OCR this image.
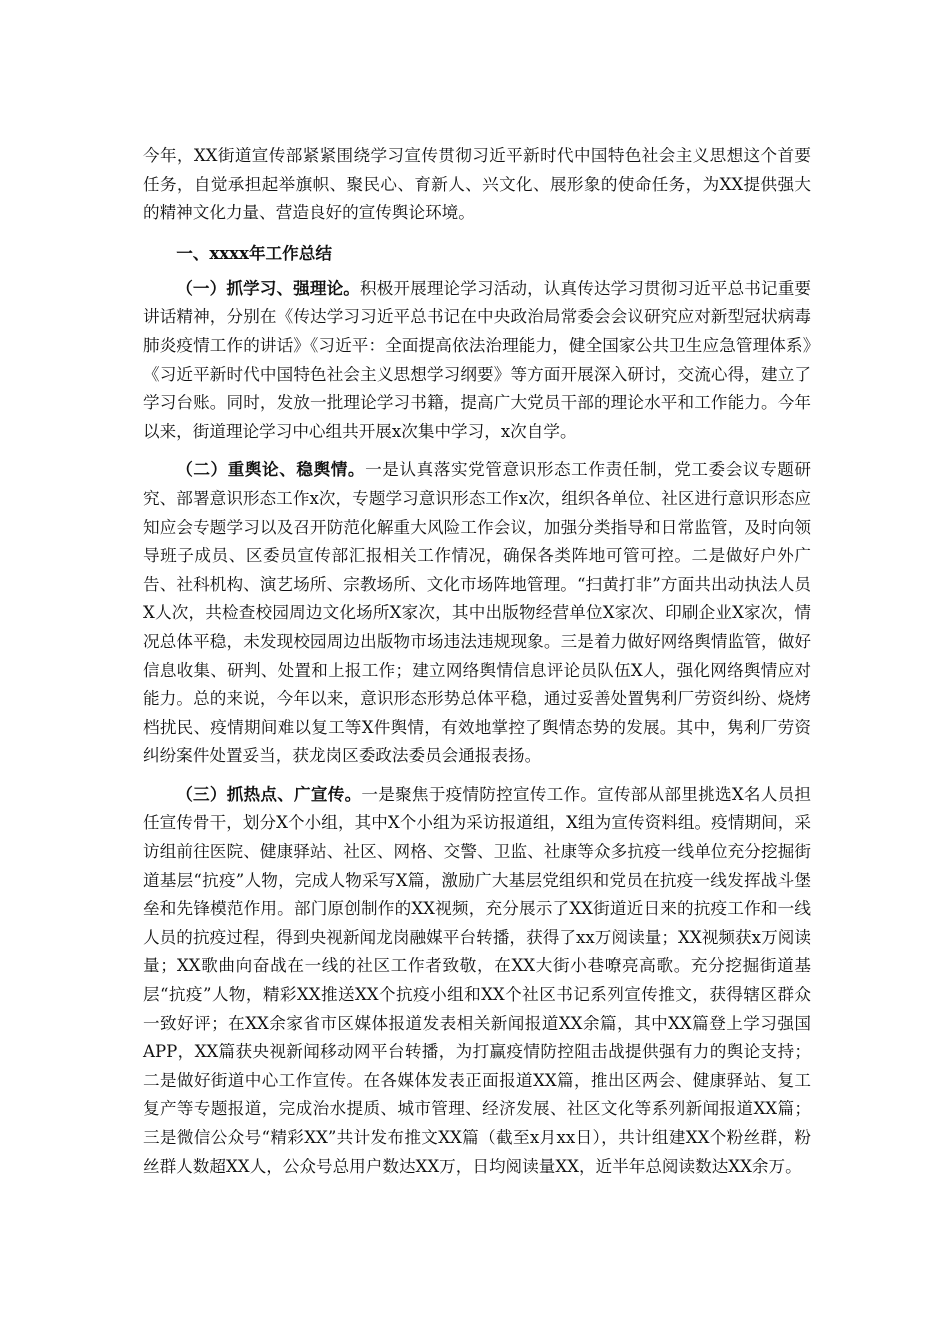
今年，XX街道宣传部紧紧围绕学习宣传贯彻习近平新时代中国特色社会主义思想这个首要任务，自觉承担起举旗帜、聚民心、育新人、兴文化、展形象的使命任务，为XX提供强大的精神文化力量、营造良好的宣传舆论环境。

一、xxxx年工作总结

（一）抓学习、强理论。积极开展理论学习活动，认真传达学习贯彻习近平总书记重要讲话精神，分别在《传达学习习近平总书记在中央政治局常委会会议研究应对新型冠状病毒肺炎疫情工作的讲话》《习近平：全面提高依法治理能力，健全国家公共卫生应急管理体系》《习近平新时代中国特色社会主义思想学习纲要》等方面开展深入研讨，交流心得，建立了学习台账。同时，发放一批理论学习书籍，提高广大党员干部的理论水平和工作能力。今年以来，街道理论学习中心组共开展x次集中学习，x次自学。

（二）重舆论、稳舆情。一是认真落实党管意识形态工作责任制，党工委会议专题研究、部署意识形态工作x次，专题学习意识形态工作x次，组织各单位、社区进行意识形态应知应会专题学习以及召开防范化解重大风险工作会议，加强分类指导和日常监管，及时向领导班子成员、区委员宣传部汇报相关工作情况，确保各类阵地可管可控。二是做好户外广告、社科机构、演艺场所、宗教场所、文化市场阵地管理。“扫黄打非”方面共出动执法人员X人次，共检查校园周边文化场所X家次，其中出版物经营单位X家次、印刷企业X家次，情况总体平稳，未发现校园周边出版物市场违法违规现象。三是着力做好网络舆情监管，做好信息收集、研判、处置和上报工作；建立网络舆情信息评论员队伍X人，强化网络舆情应对能力。总的来说，今年以来，意识形态形势总体平稳，通过妥善处置隽利厂劳资纠纷、烧烤档扰民、疫情期间难以复工等X件舆情，有效地掌控了舆情态势的发展。其中，隽利厂劳资纠纷案件处置妥当，获龙岗区委政法委员会通报表扬。

（三）抓热点、广宣传。一是聚焦于疫情防控宣传工作。宣传部从部里挑选X名人员担任宣传骨干，划分X个小组，其中X个小组为采访报道组，X组为宣传资料组。疫情期间，采访组前往医院、健康驿站、社区、网格、交警、卫监、社康等众多抗疫一线单位充分挖掘街道基层“抗疫”人物，完成人物采写X篇，激励广大基层党组织和党员在抗疫一线发挥战斗堡垒和先锋模范作用。部门原创制作的XX视频，充分展示了XX街道近日来的抗疫工作和一线人员的抗疫过程，得到央视新闻龙岗融媒平台转播，获得了xx万阅读量；XX视频获x万阅读量；XX歌曲向奋战在一线的社区工作者致敬，在XX大街小巷嘹亮高歌。充分挖掘街道基层“抗疫”人物，精彩XX推送XX个抗疫小组和XX个社区书记系列宣传推文，获得辖区群众一致好评；在XX余家省市区媒体报道发表相关新闻报道XX余篇，其中XX篇登上学习强国APP，XX篇获央视新闻移动网平台转播，为打赢疫情防控阻击战提供强有力的舆论支持；二是做好街道中心工作宣传。在各媒体发表正面报道XX篇，推出区两会、健康驿站、复工复产等专题报道，完成治水提质、城市管理、经济发展、社区文化等系列新闻报道XX篇；三是微信公众号“精彩XX”共计发布推文XX篇（截至x月xx日），共计组建XX个粉丝群，粉丝群人数超XX人，公众号总用户数达XX万，日均阅读量XX，近半年总阅读数达XX余万。
